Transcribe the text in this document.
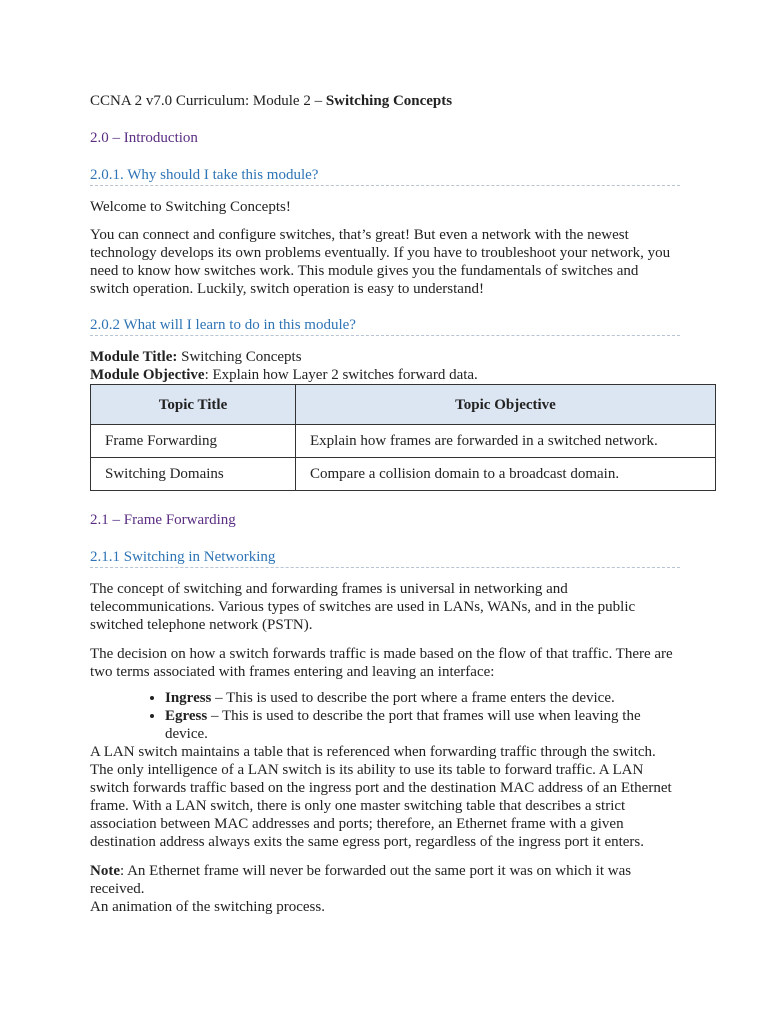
CCNA 2 v7.0 Curriculum: Module 2 – Switching Concepts
2.0 – Introduction
2.0.1. Why should I take this module?

Welcome to Switching Concepts!

You can connect and configure switches, that’s great! But even a network with the newest technology develops its own problems eventually. If you have to troubleshoot your network, you need to know how switches work. This module gives you the fundamentals of switches and switch operation. Luckily, switch operation is easy to understand!

2.0.2 What will I learn to do in this module?
Module Title: Switching Concepts
Module Objective: Explain how Layer 2 switches forward data.
Topic Title	Topic Objective
Frame Forwarding	Explain how frames are forwarded in a switched network.
Switching Domains	Compare a collision domain to a broadcast domain.
2.1 – Frame Forwarding
2.1.1 Switching in Networking

The concept of switching and forwarding frames is universal in networking and telecommunications. Various types of switches are used in LANs, WANs, and in the public switched telephone network (PSTN).

The decision on how a switch forwards traffic is made based on the flow of that traffic. There are two terms associated with frames entering and leaving an interface:

• Ingress – This is used to describe the port where a frame enters the device.
• Egress – This is used to describe the port that frames will use when leaving the device.

A LAN switch maintains a table that is referenced when forwarding traffic through the switch. The only intelligence of a LAN switch is its ability to use its table to forward traffic. A LAN switch forwards traffic based on the ingress port and the destination MAC address of an Ethernet frame. With a LAN switch, there is only one master switching table that describes a strict association between MAC addresses and ports; therefore, an Ethernet frame with a given destination address always exits the same egress port, regardless of the ingress port it enters.

Note: An Ethernet frame will never be forwarded out the same port it was on which it was received.

An animation of the switching process.
